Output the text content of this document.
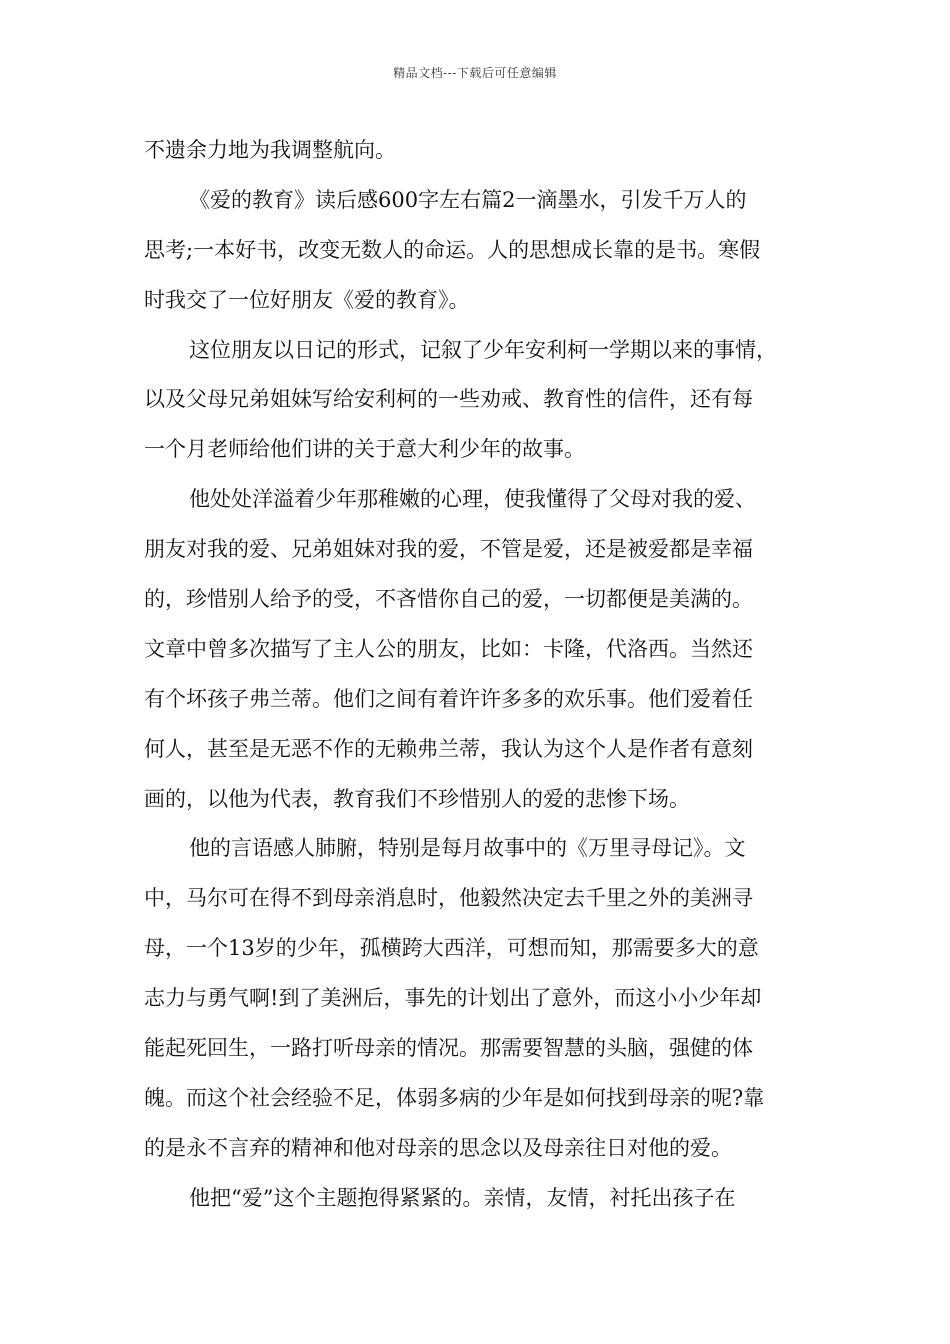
精品文档---下载后可任意编辑
不遗余力地为我调整航向。
《爱的教育》读后感600字左右篇2一滴墨水，引发千万人的
思考;一本好书，改变无数人的命运。人的思想成长靠的是书。寒假
时我交了一位好朋友《爱的教育》。
这位朋友以日记的形式，记叙了少年安利柯一学期以来的事情，
以及父母兄弟姐妹写给安利柯的一些劝戒、教育性的信件，还有每
一个月老师给他们讲的关于意大利少年的故事。
他处处洋溢着少年那稚嫩的心理，使我懂得了父母对我的爱、
朋友对我的爱、兄弟姐妹对我的爱，不管是爱，还是被爱都是幸福
的，珍惜别人给予的受，不吝惜你自己的爱，一切都便是美满的。
文章中曾多次描写了主人公的朋友，比如：卡隆，代洛西。当然还
有个坏孩子弗兰蒂。他们之间有着许许多多的欢乐事。他们爱着任
何人，甚至是无恶不作的无赖弗兰蒂，我认为这个人是作者有意刻
画的，以他为代表，教育我们不珍惜别人的爱的悲惨下场。
他的言语感人肺腑，特别是每月故事中的《万里寻母记》。文
中，马尔可在得不到母亲消息时，他毅然决定去千里之外的美洲寻
母，一个13岁的少年，孤横跨大西洋，可想而知，那需要多大的意
志力与勇气啊!到了美洲后，事先的计划出了意外，而这小小少年却
能起死回生，一路打听母亲的情况。那需要智慧的头脑，强健的体
魄。而这个社会经验不足，体弱多病的少年是如何找到母亲的呢?靠
的是永不言弃的精神和他对母亲的思念以及母亲往日对他的爱。
他把“爱”这个主题抱得紧紧的。亲情，友情，衬托出孩子在
